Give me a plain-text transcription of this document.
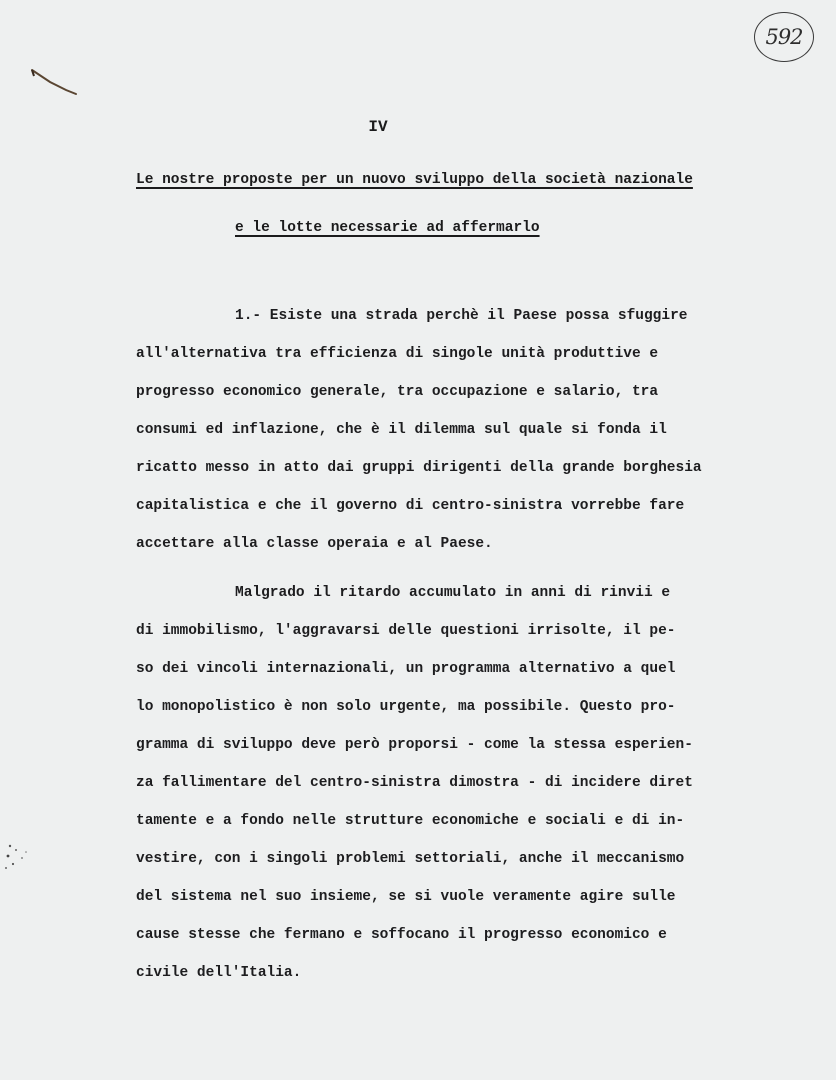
592
IV
Le nostre proposte per un nuovo sviluppo della società nazionale
e le lotte necessarie ad affermarlo
1.- Esiste una strada perchè il Paese possa sfuggire
all'alternativa tra efficienza di singole unità produttive e
progresso economico generale, tra occupazione e salario, tra
consumi ed inflazione, che è il dilemma sul quale si fonda il
ricatto messo in atto dai gruppi dirigenti della grande borghesia
capitalistica e che il governo di centro-sinistra vorrebbe fare
accettare alla classe operaia e al Paese.
Malgrado il ritardo accumulato in anni di rinvii e
di immobilismo, l'aggravarsi delle questioni irrisolte, il pe-
so dei vincoli internazionali, un programma alternativo a quel
lo monopolistico è non solo urgente, ma possibile. Questo pro-
gramma di sviluppo deve però proporsi - come la stessa esperien-
za fallimentare del centro-sinistra dimostra - di incidere diret
tamente e a fondo nelle strutture economiche e sociali e di in-
vestire, con i singoli problemi settoriali, anche il meccanismo
del sistema nel suo insieme, se si vuole veramente agire sulle
cause stesse che fermano e soffocano il progresso economico e
civile dell'Italia.
